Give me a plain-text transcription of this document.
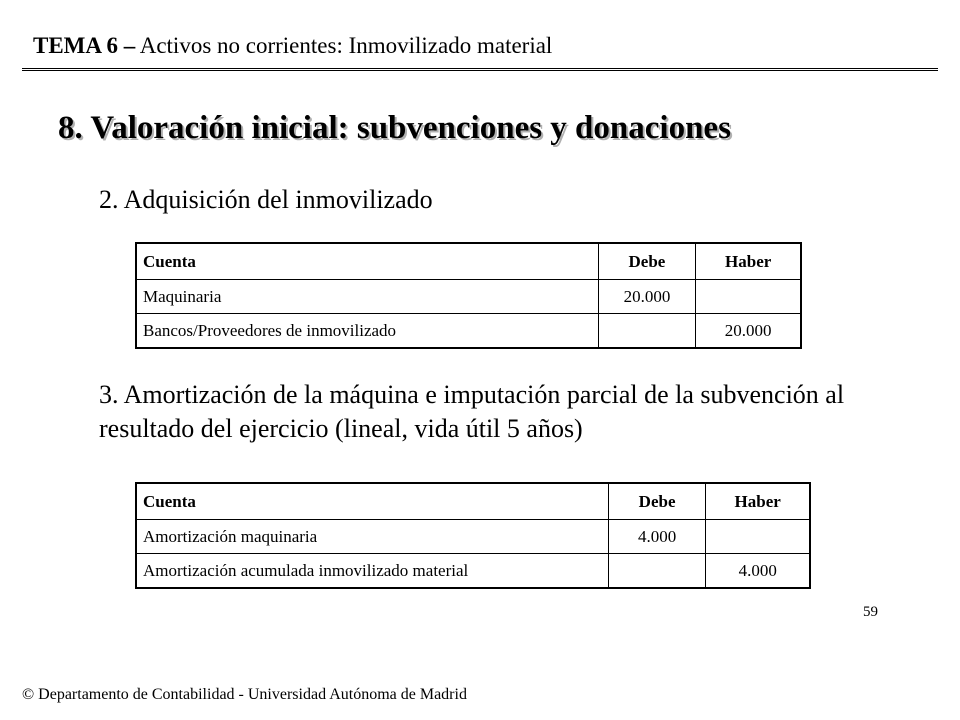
TEMA 6 – Activos no corrientes: Inmovilizado material
8. Valoración inicial: subvenciones y donaciones
2. Adquisición del inmovilizado
Cuenta	Debe	Haber
Maquinaria	20.000	
Bancos/Proveedores de inmovilizado		20.000
3. Amortización de la máquina e imputación parcial de la subvención al resultado del ejercicio (lineal, vida útil 5 años)
Cuenta	Debe	Haber
Amortización maquinaria	4.000	
Amortización acumulada inmovilizado material		4.000
59
© Departamento de Contabilidad - Universidad Autónoma de Madrid
